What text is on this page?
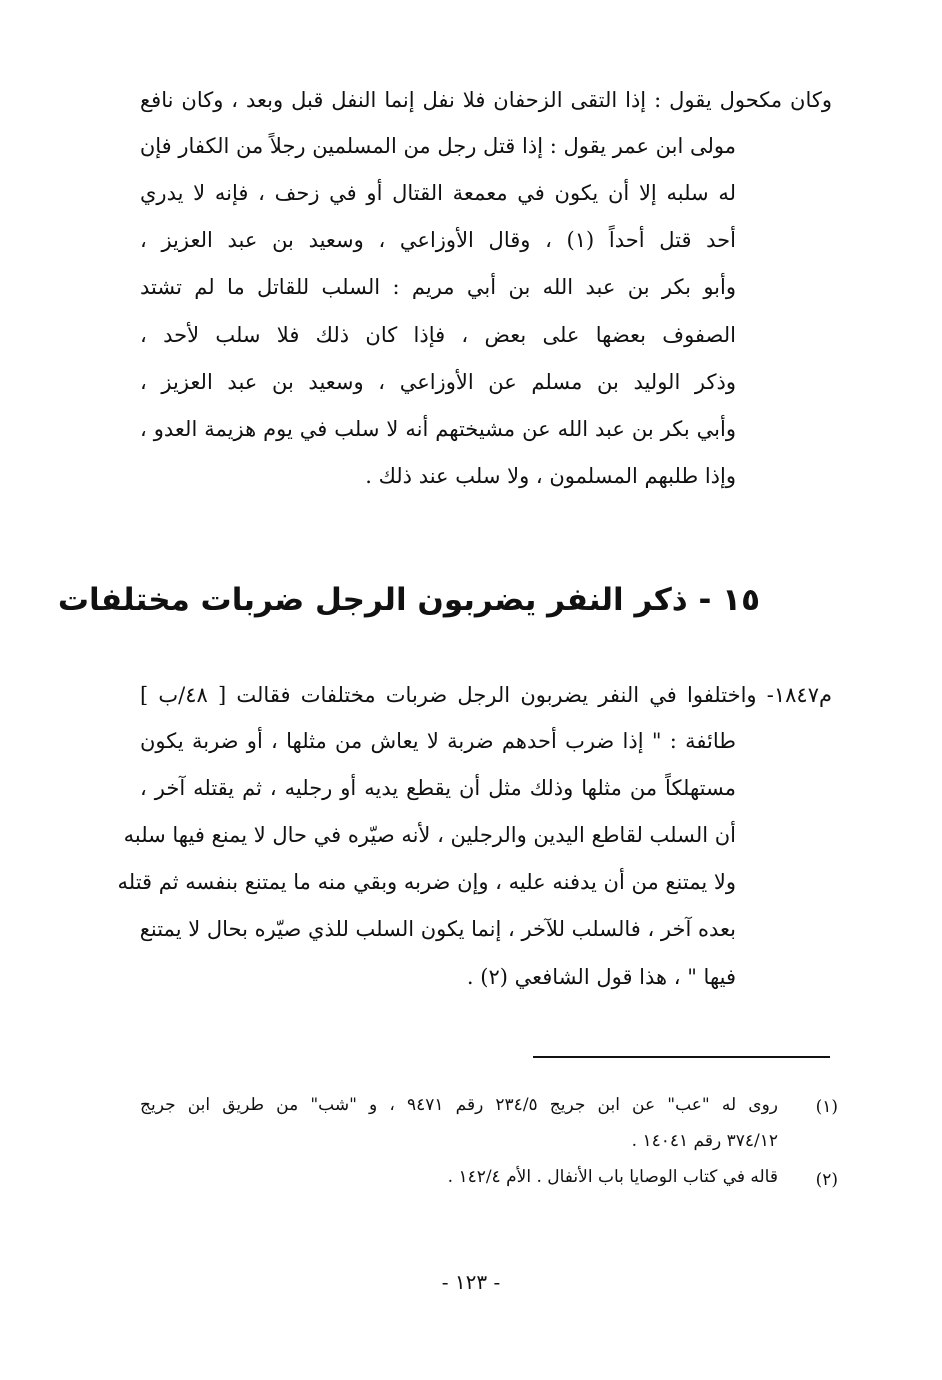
وكان مكحول يقول : إذا التقى الزحفان فلا نفل إنما النفل قبل وبعد ، وكان نافع
مولى ابن عمر يقول : إذا قتل رجل من المسلمين رجلاً من الكفار فإن
له سلبه إلا أن يكون في معمعة القتال أو في زحف ، فإنه لا يدري
أحد قتل أحداً (١) ، وقال الأوزاعي ، وسعيد بن عبد العزيز ،
وأبو بكر بن عبد الله بن أبي مريم : السلب للقاتل ما لم تشتد
الصفوف بعضها على بعض ، فإذا كان ذلك فلا سلب لأحد ،
وذكر الوليد بن مسلم عن الأوزاعي ، وسعيد بن عبد العزيز ،
وأبي بكر بن عبد الله عن مشيختهم أنه لا سلب في يوم هزيمة العدو ،
وإذا طلبهم المسلمون ، ولا سلب عند ذلك .
١٥ - ذكر النفر يضربون الرجل ضربات مختلفات
م١٨٤٧- واختلفوا في النفر يضربون الرجل ضربات مختلفات فقالت [ ٤٨/ب ]
طائفة : " إذا ضرب أحدهم ضربة لا يعاش من مثلها ، أو ضربة يكون
مستهلكاً من مثلها وذلك مثل أن يقطع يديه أو رجليه ، ثم يقتله آخر ،
أن السلب لقاطع اليدين والرجلين ، لأنه صيّره في حال لا يمنع فيها سلبه
ولا يمتنع من أن يدفنه عليه ، وإن ضربه وبقي منه ما يمتنع بنفسه ثم قتله
بعده آخر ، فالسلب للآخر ، إنما يكون السلب للذي صيّره بحال لا يمتنع
فيها " ، هذا قول الشافعي (٢) .
(١)
روى له "عب" عن ابن جريج ٢٣٤/٥ رقم ٩٤٧١ ، و "شب" من طريق ابن جريج
٣٧٤/١٢ رقم ١٤٠٤١ .
(٢)
قاله في كتاب الوصايا باب الأنفال . الأم ١٤٢/٤ .
- ١٢٣ -
